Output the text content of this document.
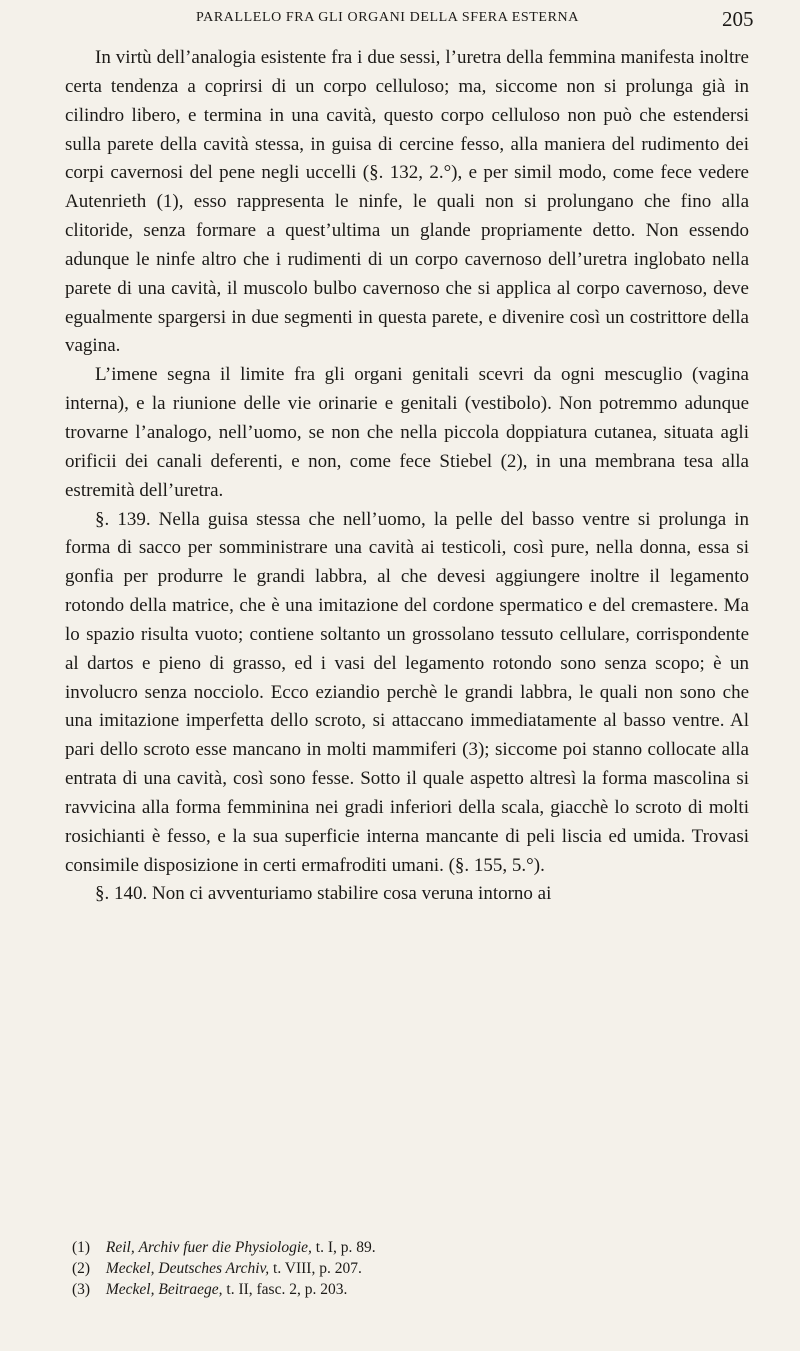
PARALLELO FRA GLI ORGANI DELLA SFERA ESTERNA	205

In virtù dell’analogia esistente fra i due sessi, l’uretra della femmina manifesta inoltre certa tendenza a coprirsi di un corpo celluloso; ma, siccome non si prolunga già in cilindro libero, e termina in una cavità, questo corpo celluloso non può che estendersi sulla parete della cavità stessa, in guisa di cercine fesso, alla maniera del rudimento dei corpi cavernosi del pene negli uccelli (§. 132, 2.°), e per simil modo, come fece vedere Autenrieth (1), esso rappresenta le ninfe, le quali non si prolungano che fino alla clitoride, senza formare a quest’ultima un glande propriamente detto. Non essendo adunque le ninfe altro che i rudimenti di un corpo cavernoso dell’uretra inglobato nella parete di una cavità, il muscolo bulbo cavernoso che si applica al corpo cavernoso, deve egualmente spargersi in due segmenti in questa parete, e divenire così un costrittore della vagina.

L’imene segna il limite fra gli organi genitali scevri da ogni mescuglio (vagina interna), e la riunione delle vie orinarie e genitali (vestibolo). Non potremmo adunque trovarne l’analogo, nell’uomo, se non che nella piccola doppiatura cutanea, situata agli orificii dei canali deferenti, e non, come fece Stiebel (2), in una membrana tesa alla estremità dell’uretra.

§. 139. Nella guisa stessa che nell’uomo, la pelle del basso ventre si prolunga in forma di sacco per somministrare una cavità ai testicoli, così pure, nella donna, essa si gonfia per produrre le grandi labbra, al che devesi aggiungere inoltre il legamento rotondo della matrice, che è una imitazione del cordone spermatico e del cremastere. Ma lo spazio risulta vuoto; contiene soltanto un grossolano tessuto cellulare, corrispondente al dartos e pieno di grasso, ed i vasi del legamento rotondo sono senza scopo; è un involucro senza nocciolo. Ecco eziandio perchè le grandi labbra, le quali non sono che una imitazione imperfetta dello scroto, si attaccano immediatamente al basso ventre. Al pari dello scroto esse mancano in molti mammiferi (3); siccome poi stanno collocate alla entrata di una cavità, così sono fesse. Sotto il quale aspetto altresì la forma mascolina si ravvicina alla forma femminina nei gradi inferiori della scala, giacchè lo scroto di molti rosichianti è fesso, e la sua superficie interna mancante di peli liscia ed umida. Trovasi consimile disposizione in certi ermafroditi umani. (§. 155, 5.°).

§. 140. Non ci avventuriamo stabilire cosa veruna intorno ai

(1) Reil, Archiv fuer die Physiologie, t. I, p. 89.
(2) Meckel, Deutsches Archiv, t. VIII, p. 207.
(3) Meckel, Beitraege, t. II, fasc. 2, p. 203.
